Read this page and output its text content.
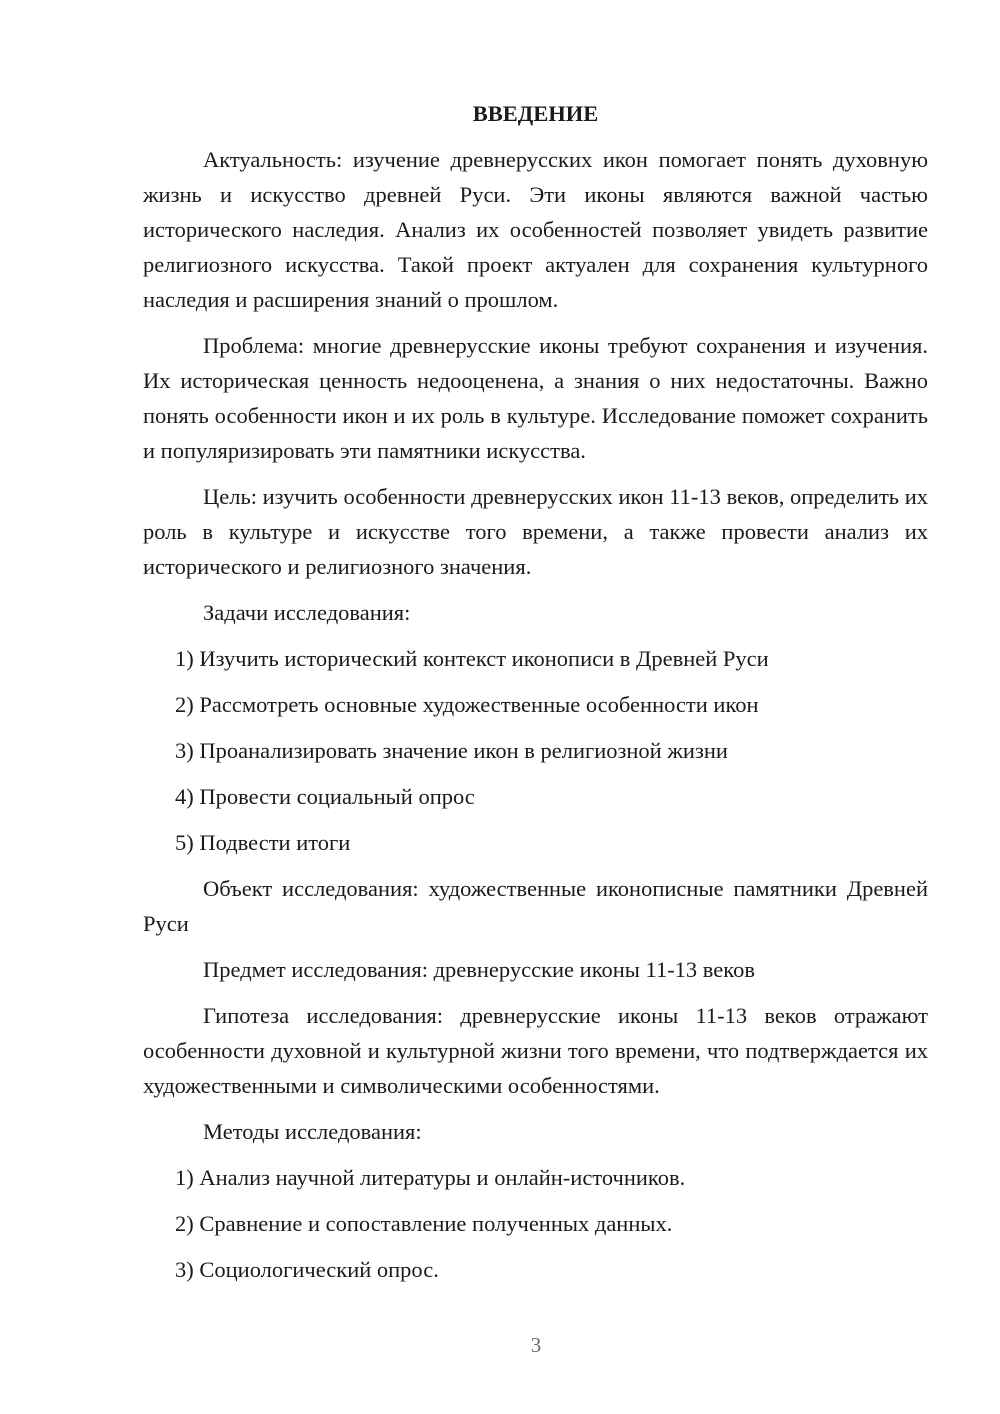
ВВЕДЕНИЕ

Актуальность: изучение древнерусских икон помогает понять духовную жизнь и искусство древней Руси. Эти иконы являются важной частью исторического наследия. Анализ их особенностей позволяет увидеть развитие религиозного искусства. Такой проект актуален для сохранения культурного наследия и расширения знаний о прошлом.

Проблема: многие древнерусские иконы требуют сохранения и изучения. Их историческая ценность недооценена, а знания о них недостаточны. Важно понять особенности икон и их роль в культуре. Исследование поможет сохранить и популяризировать эти памятники искусства.

Цель: изучить особенности древнерусских икон 11-13 веков, определить их роль в культуре и искусстве того времени, а также провести анализ их исторического и религиозного значения.

Задачи исследования:

1) Изучить исторический контекст иконописи в Древней Руси

2) Рассмотреть основные художественные особенности икон

3) Проанализировать значение икон в религиозной жизни

4) Провести социальный опрос

5) Подвести итоги

Объект исследования: художественные иконописные памятники Древней Руси

Предмет исследования: древнерусские иконы 11-13 веков

Гипотеза исследования: древнерусские иконы 11-13 веков отражают особенности духовной и культурной жизни того времени, что подтверждается их художественными и символическими особенностями.

Методы исследования:

1) Анализ научной литературы и онлайн-источников.

2) Сравнение и сопоставление полученных данных.

3) Социологический опрос.

3
